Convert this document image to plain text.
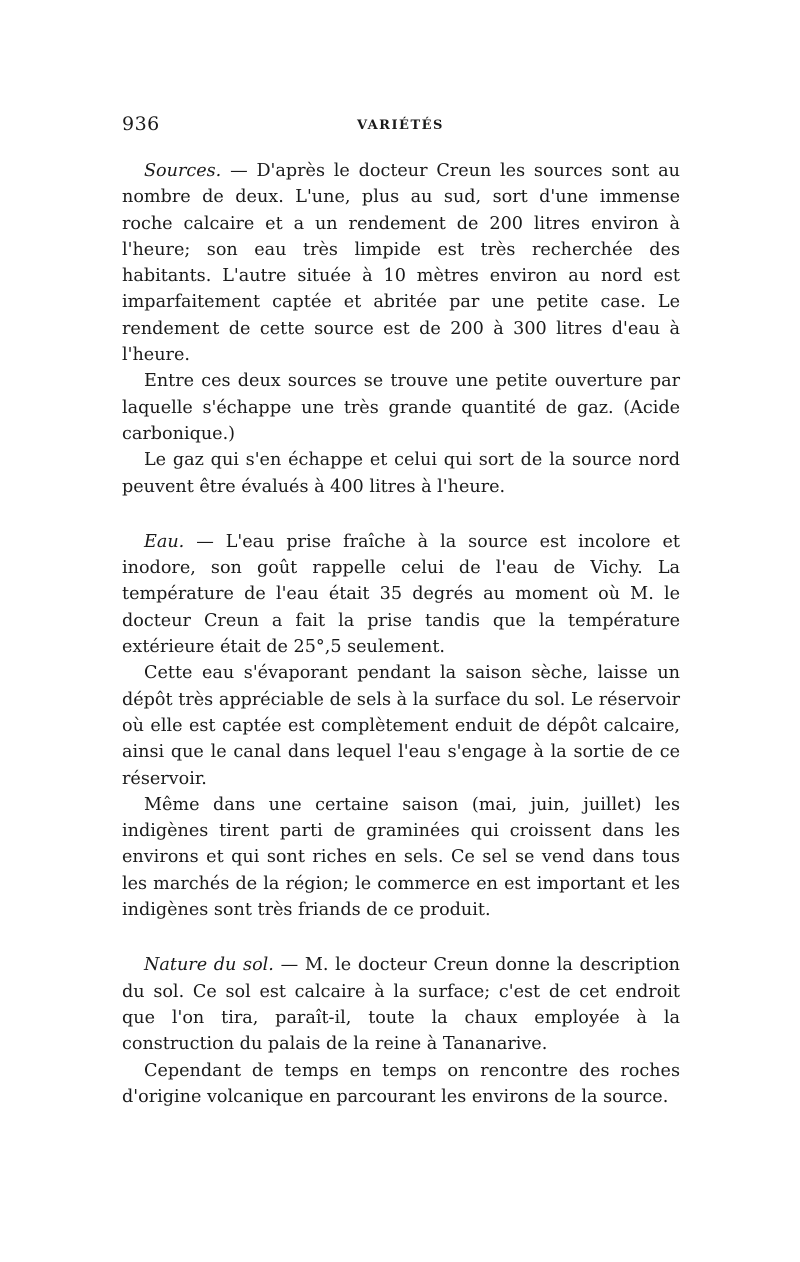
936	VARIÉTÉS

Sources. — D'après le docteur Creun les sources sont au nombre de deux. L'une, plus au sud, sort d'une immense roche calcaire et a un rendement de 200 litres environ à l'heure; son eau très limpide est très recherchée des habitants. L'autre située à 10 mètres environ au nord est imparfaitement captée et abritée par une petite case. Le rendement de cette source est de 200 à 300 litres d'eau à l'heure.

Entre ces deux sources se trouve une petite ouverture par laquelle s'échappe une très grande quantité de gaz. (Acide carbonique.)

Le gaz qui s'en échappe et celui qui sort de la source nord peuvent être évalués à 400 litres à l'heure.

Eau. — L'eau prise fraîche à la source est incolore et inodore, son goût rappelle celui de l'eau de Vichy. La température de l'eau était 35 degrés au moment où M. le docteur Creun a fait la prise tandis que la température extérieure était de 25°,5 seulement.

Cette eau s'évaporant pendant la saison sèche, laisse un dépôt très appréciable de sels à la surface du sol. Le réservoir où elle est captée est complètement enduit de dépôt calcaire, ainsi que le canal dans lequel l'eau s'engage à la sortie de ce réservoir.

Même dans une certaine saison (mai, juin, juillet) les indigènes tirent parti de graminées qui croissent dans les environs et qui sont riches en sels. Ce sel se vend dans tous les marchés de la région; le commerce en est important et les indigènes sont très friands de ce produit.

Nature du sol. — M. le docteur Creun donne la description du sol. Ce sol est calcaire à la surface; c'est de cet endroit que l'on tira, paraît-il, toute la chaux employée à la construction du palais de la reine à Tananarive.

Cependant de temps en temps on rencontre des roches d'origine volcanique en parcourant les environs de la source.
